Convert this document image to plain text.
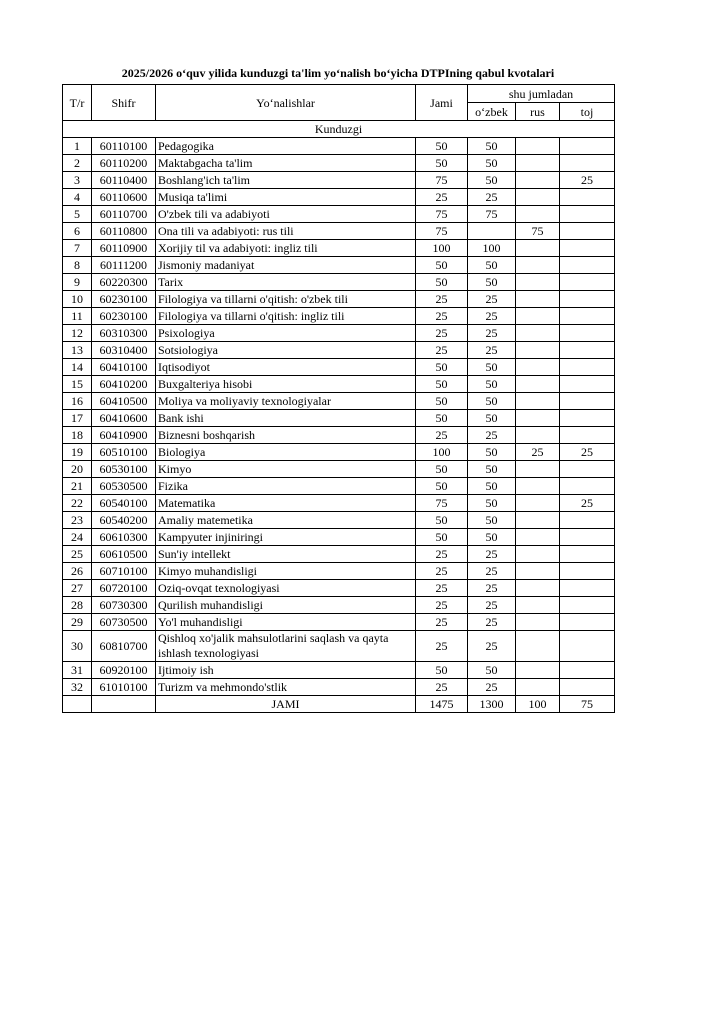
2025/2026 o‘quv yilida kunduzgi ta'lim yo‘nalish bo‘yicha DTPIning qabul kvotalari
T/r	Shifr	Yo‘nalishlar	Jami	shu jumladan		
				o‘zbek	rus	toj
Kunduzgi						
1	60110100	Pedagogika	50	50		
2	60110200	Maktabgacha ta'lim	50	50		
3	60110400	Boshlang'ich ta'lim	75	50		25
4	60110600	Musiqa ta'limi	25	25		
5	60110700	O'zbek tili va adabiyoti	75	75		
6	60110800	Ona tili va adabiyoti: rus tili	75		75	
7	60110900	Xorijiy til va adabiyoti: ingliz tili	100	100		
8	60111200	Jismoniy madaniyat	50	50		
9	60220300	Tarix	50	50		
10	60230100	Filologiya va tillarni o'qitish: o'zbek tili	25	25		
11	60230100	Filologiya va tillarni o'qitish: ingliz tili	25	25		
12	60310300	Psixologiya	25	25		
13	60310400	Sotsiologiya	25	25		
14	60410100	Iqtisodiyot	50	50		
15	60410200	Buxgalteriya hisobi	50	50		
16	60410500	Moliya va moliyaviy texnologiyalar	50	50		
17	60410600	Bank ishi	50	50		
18	60410900	Biznesni boshqarish	25	25		
19	60510100	Biologiya	100	50	25	25
20	60530100	Kimyo	50	50		
21	60530500	Fizika	50	50		
22	60540100	Matematika	75	50		25
23	60540200	Amaliy matemetika	50	50		
24	60610300	Kampyuter injiniringi	50	50		
25	60610500	Sun'iy intellekt	25	25		
26	60710100	Kimyo muhandisligi	25	25		
27	60720100	Oziq-ovqat texnologiyasi	25	25		
28	60730300	Qurilish muhandisligi	25	25		
29	60730500	Yo'l muhandisligi	25	25		
30	60810700	Qishloq xo'jalik mahsulotlarini saqlash va qayta ishlash texnologiyasi	25	25		
31	60920100	Ijtimoiy ish	50	50		
32	61010100	Turizm va mehmondo'stlik	25	25		
		JAMI	1475	1300	100	75
